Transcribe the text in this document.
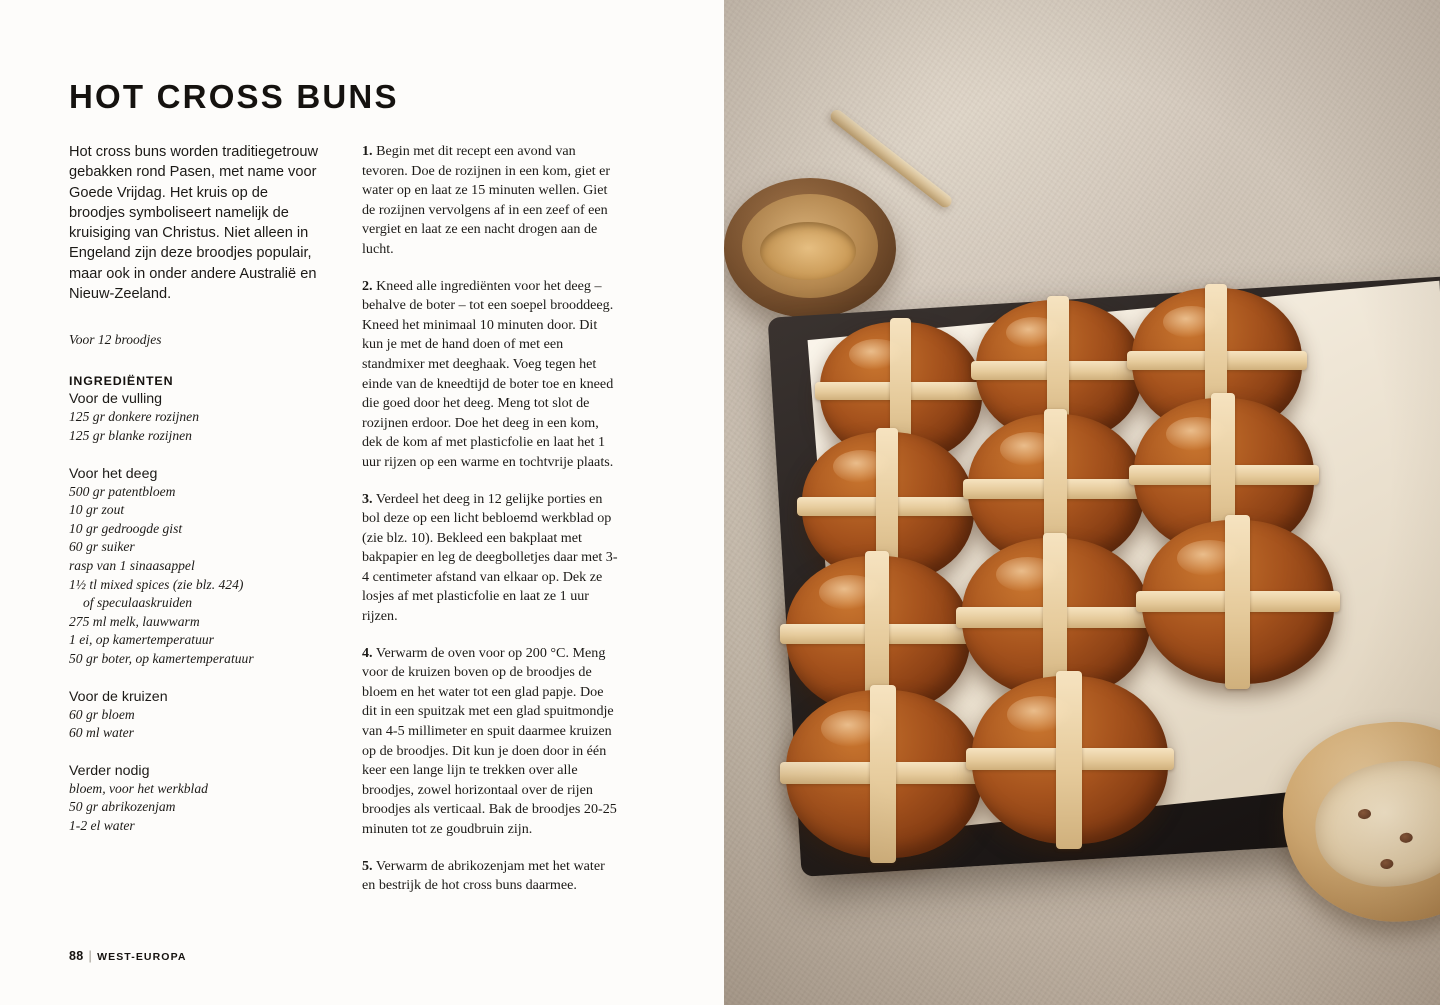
HOT CROSS BUNS

Hot cross buns worden traditiegetrouw gebakken rond Pasen, met name voor Goede Vrijdag. Het kruis op de broodjes symboliseert namelijk de kruisiging van Christus. Niet alleen in Engeland zijn deze broodjes populair, maar ook in onder andere Australië en Nieuw-Zeeland.

Voor 12 broodjes

INGREDIËNTEN

Voor de vulling

125 gr donkere rozijnen
125 gr blanke rozijnen

Voor het deeg

500 gr patentbloem
10 gr zout
10 gr gedroogde gist
60 gr suiker
rasp van 1 sinaasappel
1½ tl mixed spices (zie blz. 424)
of speculaaskruiden
275 ml melk, lauwwarm
1 ei, op kamertemperatuur
50 gr boter, op kamertemperatuur

Voor de kruizen

60 gr bloem
60 ml water

Verder nodig

bloem, voor het werkblad
50 gr abrikozenjam
1-2 el water

1. Begin met dit recept een avond van tevoren. Doe de rozijnen in een kom, giet er water op en laat ze 15 minuten wellen. Giet de rozijnen vervolgens af in een zeef of een vergiet en laat ze een nacht drogen aan de lucht.

2. Kneed alle ingrediënten voor het deeg – behalve de boter – tot een soepel brooddeeg. Kneed het minimaal 10 minuten door. Dit kun je met de hand doen of met een standmixer met deeghaak. Voeg tegen het einde van de kneedtijd de boter toe en kneed die goed door het deeg. Meng tot slot de rozijnen erdoor. Doe het deeg in een kom, dek de kom af met plasticfolie en laat het 1 uur rijzen op een warme en tochtvrije plaats.

3. Verdeel het deeg in 12 gelijke porties en bol deze op een licht bebloemd werkblad op (zie blz. 10). Bekleed een bakplaat met bakpapier en leg de deegbolletjes daar met 3-4 centimeter afstand van elkaar op. Dek ze losjes af met plasticfolie en laat ze 1 uur rijzen.

4. Verwarm de oven voor op 200 °C. Meng voor de kruizen boven op de broodjes de bloem en het water tot een glad papje. Doe dit in een spuitzak met een glad spuitmondje van 4-5 millimeter en spuit daarmee kruizen op de broodjes. Dit kun je doen door in één keer een lange lijn te trekken over alle broodjes, zowel horizontaal over de rijen broodjes als verticaal. Bak de broodjes 20-25 minuten tot ze goudbruin zijn.

5. Verwarm de abrikozenjam met het water en bestrijk de hot cross buns daarmee.

88 | WEST-EUROPA
